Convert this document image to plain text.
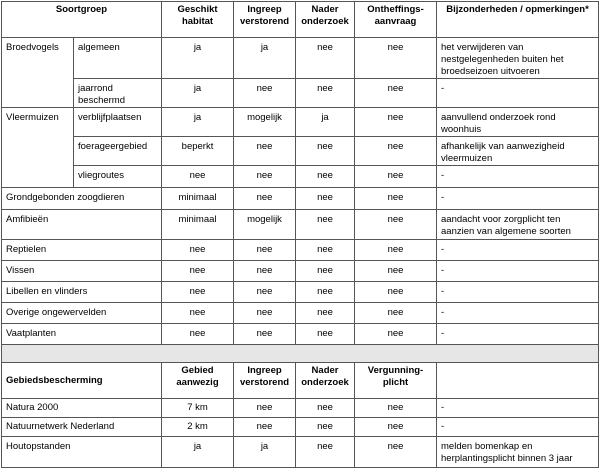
Soortgroep		Geschikt habitat	Ingreep verstorend	Nader onderzoek	Ontheffings-aanvraag	Bijzonderheden / opmerkingen*
Broedvogels	algemeen	ja	ja	nee	nee	het verwijderen van nestgelegenheden buiten het broedseizoen uitvoeren
	jaarrond beschermd	ja	nee	nee	nee	-
Vleermuizen	verblijfplaatsen	ja	mogelijk	ja	nee	aanvullend onderzoek rond woonhuis
	foerageergebied	beperkt	nee	nee	nee	afhankelijk van aanwezigheid vleermuizen
	vliegroutes	nee	nee	nee	nee	-
Grondgebonden zoogdieren		minimaal	nee	nee	nee	-
Amfibieën		minimaal	mogelijk	nee	nee	aandacht voor zorgplicht ten aanzien van algemene soorten
Reptielen		nee	nee	nee	nee	-
Vissen		nee	nee	nee	nee	-
Libellen en vlinders		nee	nee	nee	nee	-
Overige ongewervelden		nee	nee	nee	nee	-
Vaatplanten		nee	nee	nee	nee	-

Gebiedsbescherming		Gebied aanwezig	Ingreep verstorend	Nader onderzoek	Vergunning-plicht	
Natura 2000		7 km	nee	nee	nee	-
Natuurnetwerk Nederland		2 km	nee	nee	nee	-
Houtopstanden		ja	ja	nee	nee	melden bomenkap en herplantingsplicht binnen 3 jaar
